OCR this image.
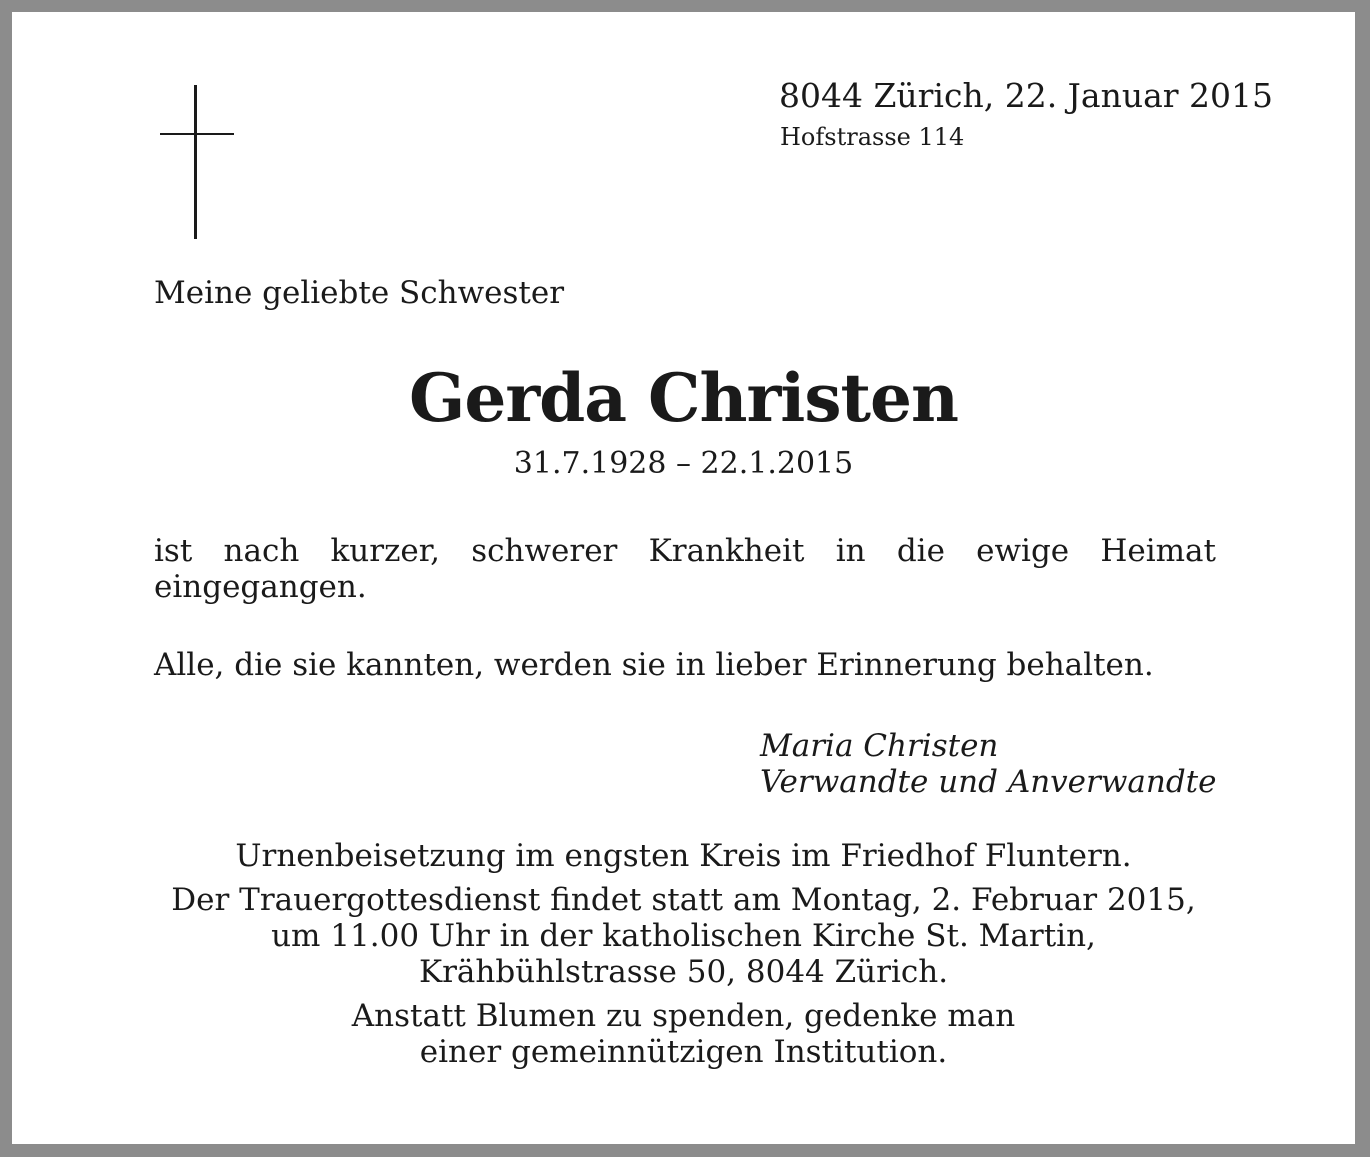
8044 Zürich, 22. Januar 2015
Hofstrasse 114
Meine geliebte Schwester
Gerda Christen
31.7.1928 – 22.1.2015
ist nach kurzer, schwerer Krankheit in die ewige Heimat eingegangen.
Alle, die sie kannten, werden sie in lieber Erinnerung behalten.
Maria Christen
Verwandte und Anverwandte
Urnenbeisetzung im engsten Kreis im Friedhof Fluntern.
Der Trauergottesdienst findet statt am Montag, 2. Februar 2015,
um 11.00 Uhr in der katholischen Kirche St. Martin,
Krähbühlstrasse 50, 8044 Zürich.
Anstatt Blumen zu spenden, gedenke man
einer gemeinnützigen Institution.
